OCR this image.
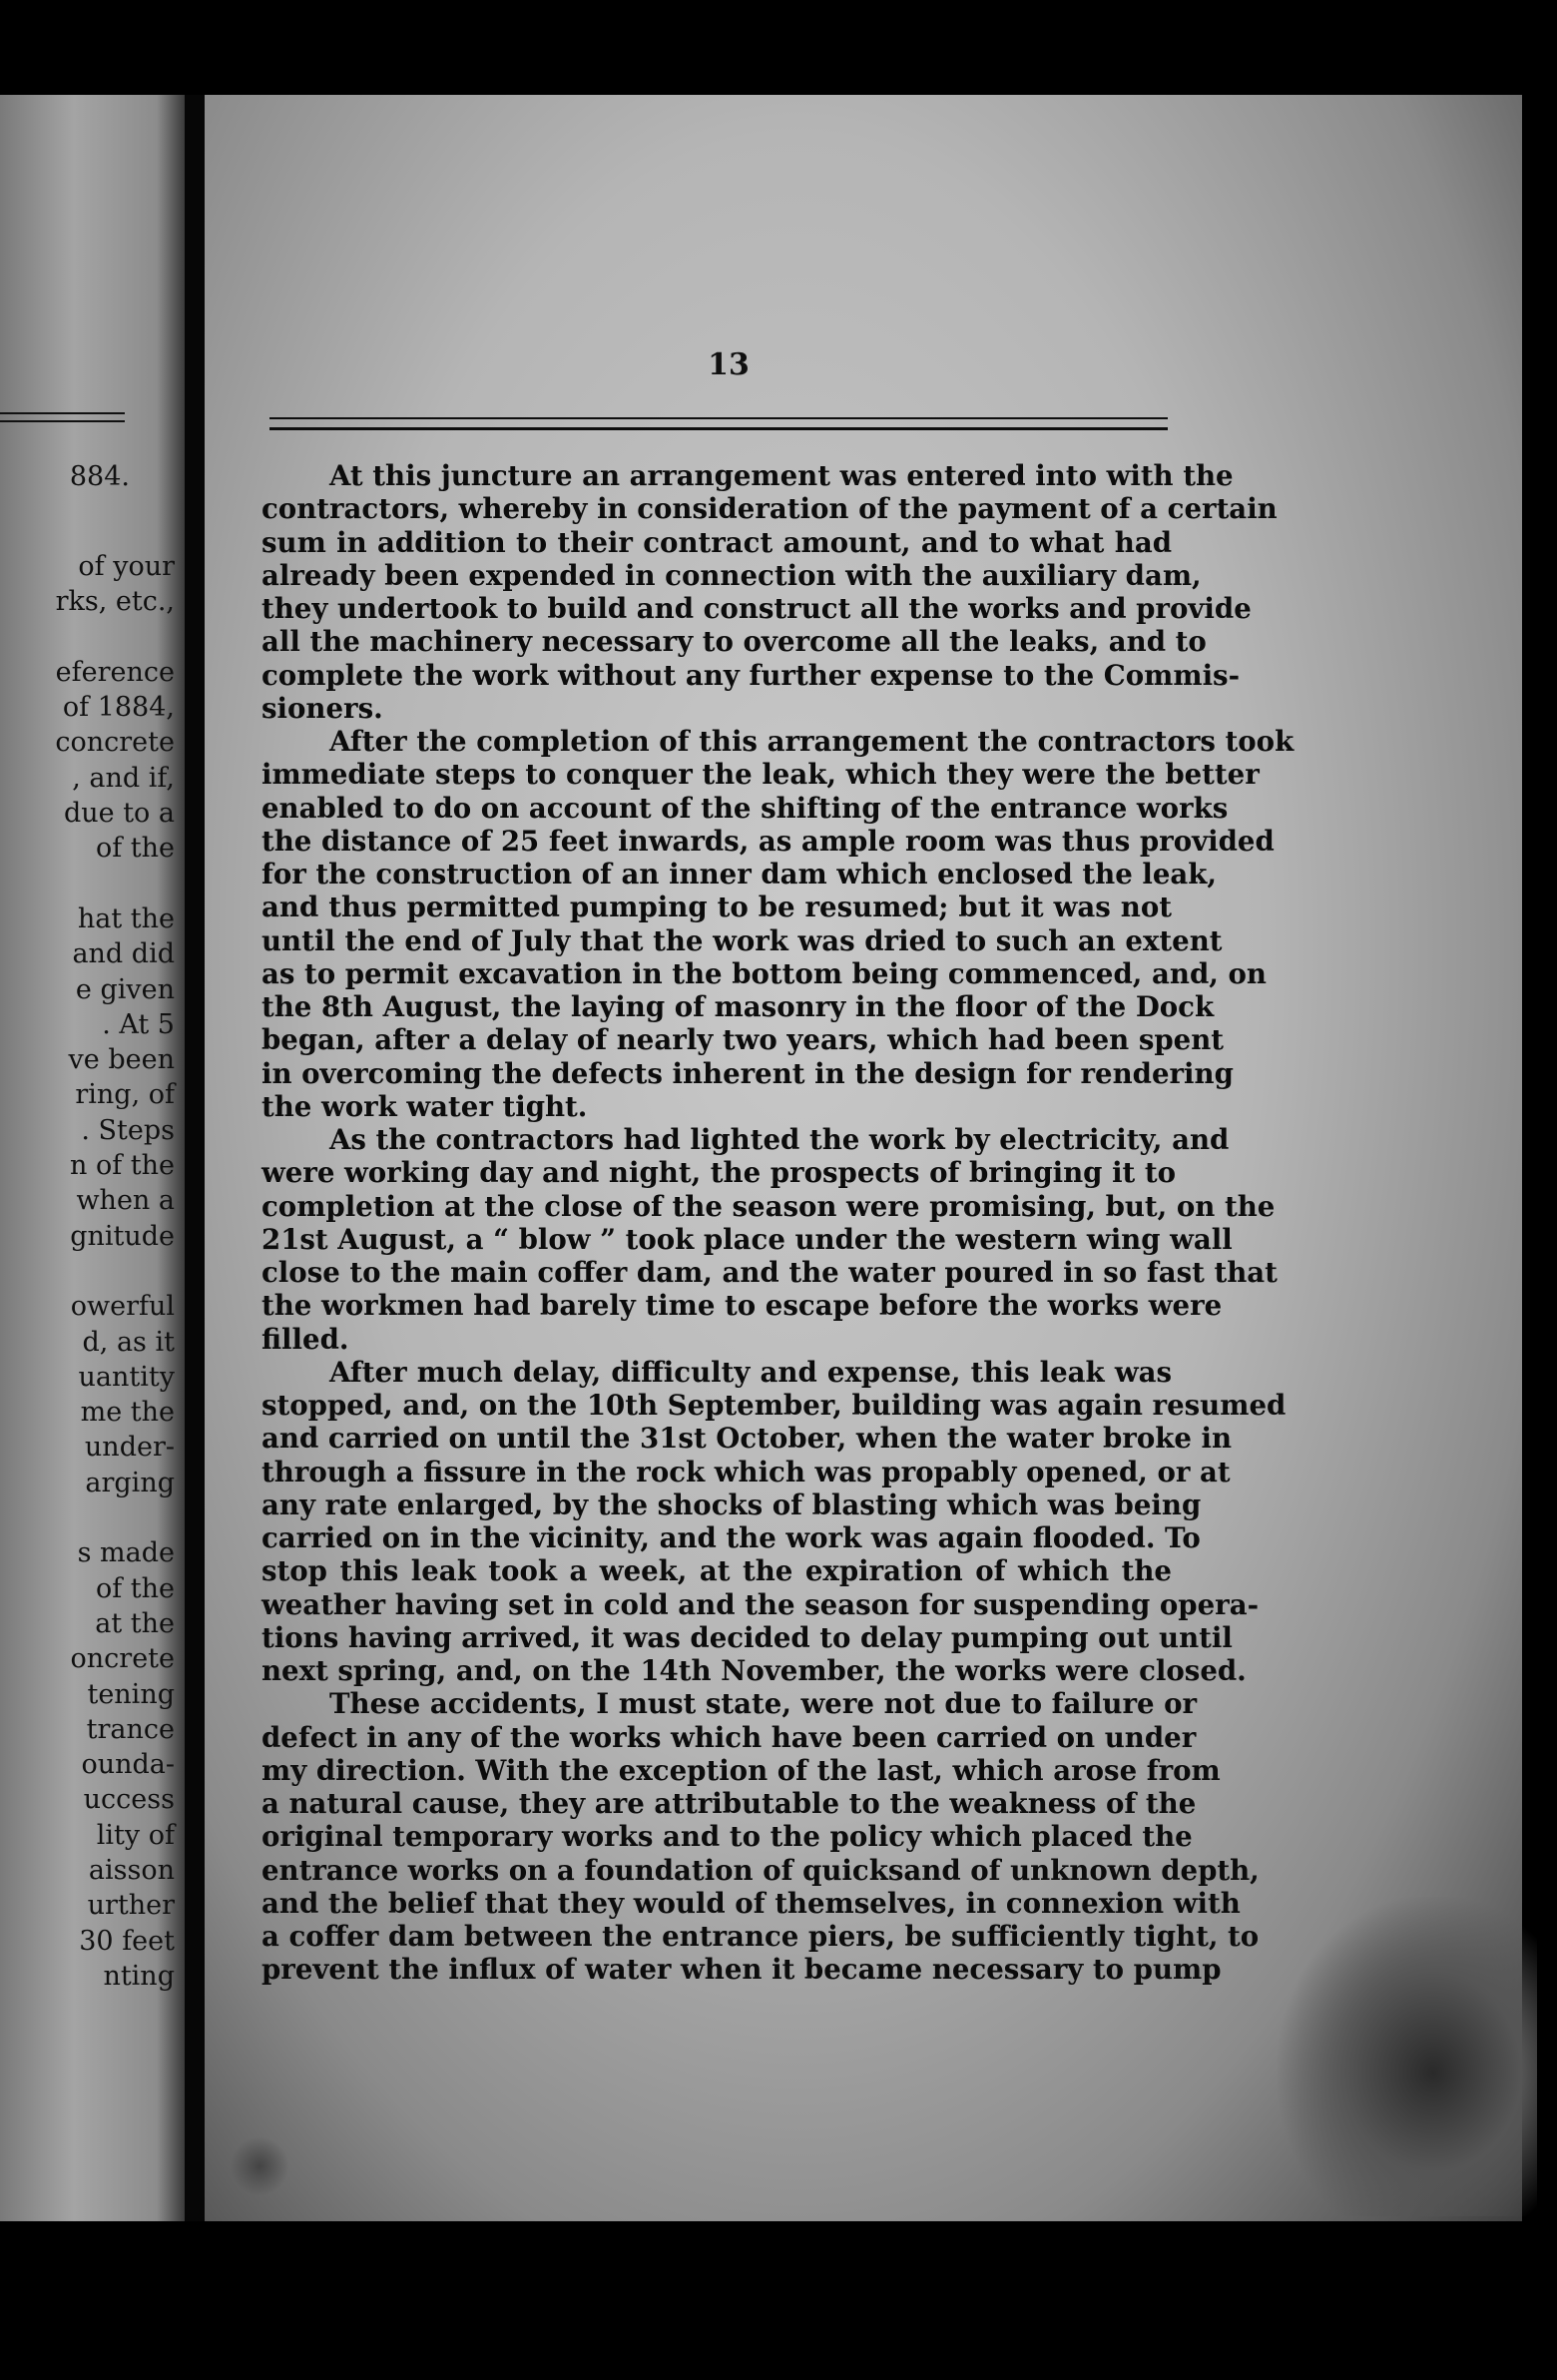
884.
of your
rks, etc.,
eference
of 1884,
concrete
, and if,
due to a
of the
hat the
and did
e given
. At 5
ve been
ring, of
. Steps
n of the
when a
gnitude
owerful
d, as it
uantity
me the
under-
arging
s made
of the
at the
oncrete
tening
trance
ounda-
uccess
lity of
aisson
urther
30 feet
nting
13
At this juncture an arrangement was entered into with the
contractors, whereby in consideration of the payment of a certain
sum in addition to their contract amount, and to what had
already been expended in connection with the auxiliary dam,
they undertook to build and construct all the works and provide
all the machinery necessary to overcome all the leaks, and to
complete the work without any further expense to the Commis-
sioners.
After the completion of this arrangement the contractors took
immediate steps to conquer the leak, which they were the better
enabled to do on account of the shifting of the entrance works
the distance of 25 feet inwards, as ample room was thus provided
for the construction of an inner dam which enclosed the leak,
and thus permitted pumping to be resumed; but it was not
until the end of July that the work was dried to such an extent
as to permit excavation in the bottom being commenced, and, on
the 8th August, the laying of masonry in the floor of the Dock
began, after a delay of nearly two years, which had been spent
in overcoming the defects inherent in the design for rendering
the work water tight.
As the contractors had lighted the work by electricity, and
were working day and night, the prospects of bringing it to
completion at the close of the season were promising, but, on the
21st August, a “ blow ” took place under the western wing wall
close to the main coffer dam, and the water poured in so fast that
the workmen had barely time to escape before the works were
filled.
After much delay, difficulty and expense, this leak was
stopped, and, on the 10th September, building was again resumed
and carried on until the 31st October, when the water broke in
through a fissure in the rock which was propably opened, or at
any rate enlarged, by the shocks of blasting which was being
carried on in the vicinity, and the work was again flooded. To
stop this leak took a week, at the expiration of which the
weather having set in cold and the season for suspending opera-
tions having arrived, it was decided to delay pumping out until
next spring, and, on the 14th November, the works were closed.
These accidents, I must state, were not due to failure or
defect in any of the works which have been carried on under
my direction. With the exception of the last, which arose from
a natural cause, they are attributable to the weakness of the
original temporary works and to the policy which placed the
entrance works on a foundation of quicksand of unknown depth,
and the belief that they would of themselves, in connexion with
a coffer dam between the entrance piers, be sufficiently tight, to
prevent the influx of water when it became necessary to pump
